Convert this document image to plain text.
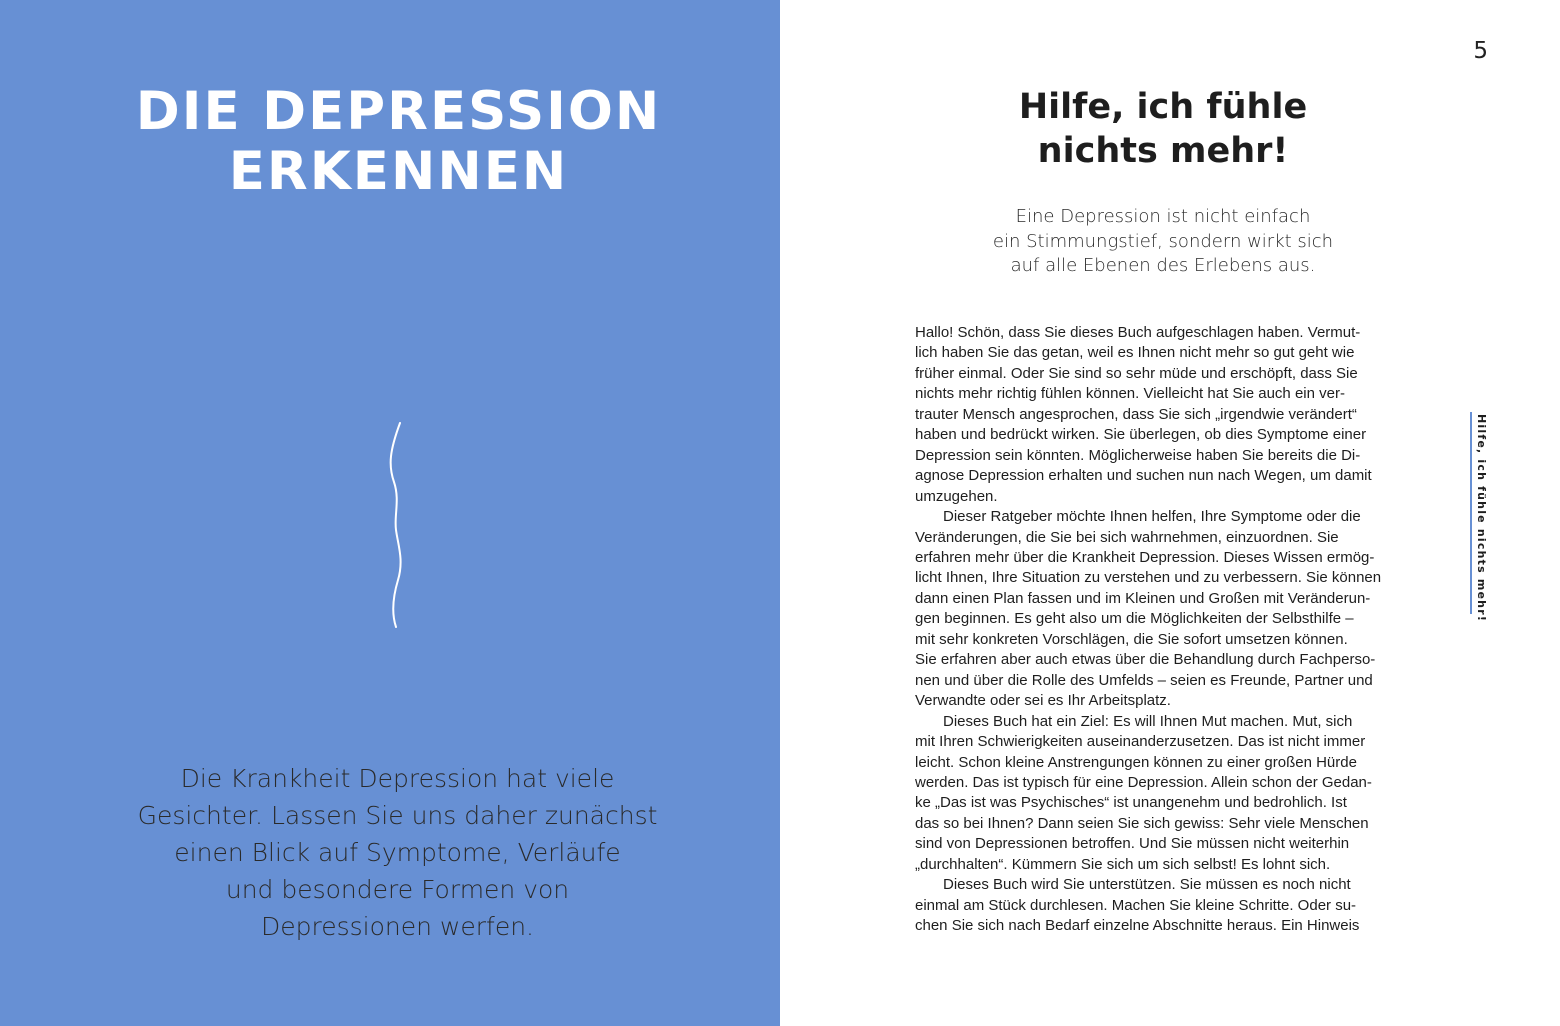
DIE DEPRESSION
ERKENNEN

Die Krankheit Depression hat viele
Gesichter. Lassen Sie uns daher zunächst
einen Blick auf Symptome, Verläufe
und besondere Formen von
Depressionen werfen.

5
Hilfe, ich fühle
nichts mehr!

Eine Depression ist nicht einfach
ein Stimmungstief, sondern wirkt sich
auf alle Ebenen des Erlebens aus.

Hallo! Schön, dass Sie dieses Buch aufgeschlagen haben. Vermut-
lich haben Sie das getan, weil es Ihnen nicht mehr so gut geht wie
früher einmal. Oder Sie sind so sehr müde und erschöpft, dass Sie
nichts mehr richtig fühlen können. Vielleicht hat Sie auch ein ver-
trauter Mensch angesprochen, dass Sie sich „irgendwie verändert“
haben und bedrückt wirken. Sie überlegen, ob dies Symptome einer
Depression sein könnten. Möglicherweise haben Sie bereits die Di-
agnose Depression erhalten und suchen nun nach Wegen, um damit
umzugehen.
Dieser Ratgeber möchte Ihnen helfen, Ihre Symptome oder die
Veränderungen, die Sie bei sich wahrnehmen, einzuordnen. Sie
erfahren mehr über die Krankheit Depression. Dieses Wissen ermög-
licht Ihnen, Ihre Situation zu verstehen und zu verbessern. Sie können
dann einen Plan fassen und im Kleinen und Großen mit Veränderun-
gen beginnen. Es geht also um die Möglichkeiten der Selbsthilfe –
mit sehr konkreten Vorschlägen, die Sie sofort umsetzen können.
Sie erfahren aber auch etwas über die Behandlung durch Fachperso-
nen und über die Rolle des Umfelds – seien es Freunde, Partner und
Verwandte oder sei es Ihr Arbeitsplatz.
Dieses Buch hat ein Ziel: Es will Ihnen Mut machen. Mut, sich
mit Ihren Schwierigkeiten auseinanderzusetzen. Das ist nicht immer
leicht. Schon kleine Anstrengungen können zu einer großen Hürde
werden. Das ist typisch für eine Depression. Allein schon der Gedan-
ke „Das ist was Psychisches“ ist unangenehm und bedrohlich. Ist
das so bei Ihnen? Dann seien Sie sich gewiss: Sehr viele Menschen
sind von Depressionen betroffen. Und Sie müssen nicht weiterhin
„durchhalten“. Kümmern Sie sich um sich selbst! Es lohnt sich.
Dieses Buch wird Sie unterstützen. Sie müssen es noch nicht
einmal am Stück durchlesen. Machen Sie kleine Schritte. Oder su-
chen Sie sich nach Bedarf einzelne Abschnitte heraus. Ein Hinweis
Hilfe, ich fühle nichts mehr!
